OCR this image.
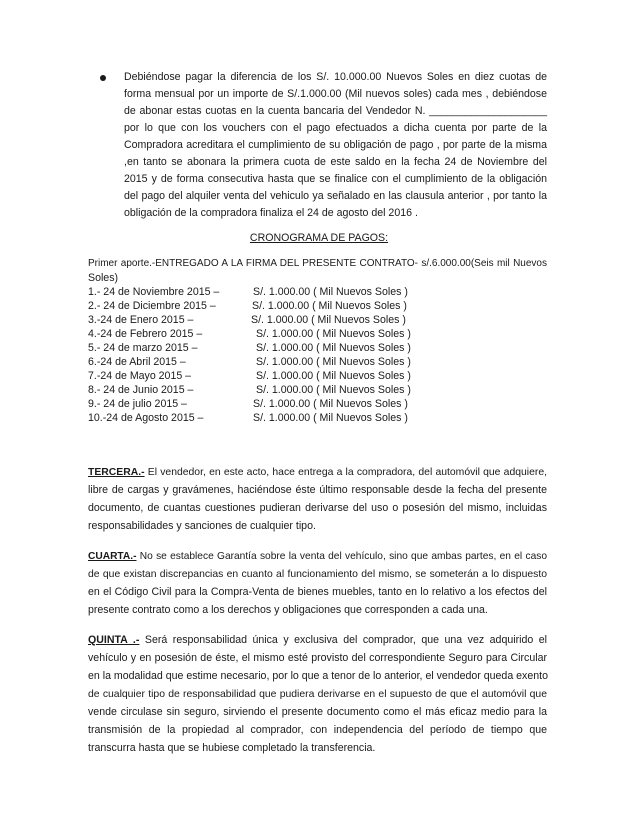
Debiéndose pagar la diferencia de los S/. 10.000.00 Nuevos Soles en diez cuotas de
forma mensual por un importe de S/.1.000.00 (Mil nuevos soles) cada mes , debiéndose
de abonar estas cuotas en la cuenta bancaria del Vendedor N. ____________________
por lo que con los vouchers con el pago efectuados a dicha cuenta por parte de la
Compradora acreditara el cumplimiento de su obligación de pago , por parte de la misma
,en tanto se abonara la primera cuota de este saldo en la fecha 24 de Noviembre del
2015 y de forma consecutiva hasta que se finalice con el cumplimiento de la obligación
del pago del alquiler venta del vehiculo ya señalado en las clausula anterior , por tanto la
obligación de la compradora finaliza el 24 de agosto del 2016 .
CRONOGRAMA DE PAGOS:
Primer aporte.-ENTREGADO A LA FIRMA DEL PRESENTE CONTRATO- s/.6.000.00(Seis mil Nuevos
Soles)
1.- 24 de Noviembre 2015 –	S/. 1.000.00 ( Mil Nuevos Soles )
2.- 24 de Diciembre 2015 –	S/. 1.000.00 ( Mil Nuevos Soles )
3.-24 de Enero 2015 –	S/. 1.000.00 ( Mil Nuevos Soles )
4.-24 de Febrero 2015 –	S/. 1.000.00 ( Mil Nuevos Soles )
5.- 24 de marzo 2015 –	S/. 1.000.00 ( Mil Nuevos Soles )
6.-24 de Abril 2015 –	S/. 1.000.00 ( Mil Nuevos Soles )
7.-24 de Mayo 2015 –	S/. 1.000.00 ( Mil Nuevos Soles )
8.- 24 de Junio 2015 –	S/. 1.000.00 ( Mil Nuevos Soles )
9.- 24 de julio 2015 –	S/. 1.000.00 ( Mil Nuevos Soles )
10.-24 de Agosto 2015 –	S/. 1.000.00 ( Mil Nuevos Soles )
TERCERA.- El vendedor, en este acto, hace entrega a la compradora, del automóvil que adquiere,
libre de cargas y gravámenes, haciéndose éste último responsable desde la fecha del presente
documento, de cuantas cuestiones pudieran derivarse del uso o posesión del mismo, incluidas
responsabilidades y sanciones de cualquier tipo.
CUARTA.- No se establece Garantía sobre la venta del vehículo, sino que ambas partes, en el caso
de que existan discrepancias en cuanto al funcionamiento del mismo, se someterán a lo dispuesto
en el Código Civil para la Compra-Venta de bienes muebles, tanto en lo relativo a los efectos del
presente contrato como a los derechos y obligaciones que corresponden a cada una.
QUINTA .- Será responsabilidad única y exclusiva del comprador, que una vez adquirido el
vehículo y en posesión de éste, el mismo esté provisto del correspondiente Seguro para Circular
en la modalidad que estime necesario, por lo que a tenor de lo anterior, el vendedor queda exento
de cualquier tipo de responsabilidad que pudiera derivarse en el supuesto de que el automóvil que
vende circulase sin seguro, sirviendo el presente documento como el más eficaz medio para la
transmisión de la propiedad al comprador, con independencia del período de tiempo que
transcurra hasta que se hubiese completado la transferencia.
